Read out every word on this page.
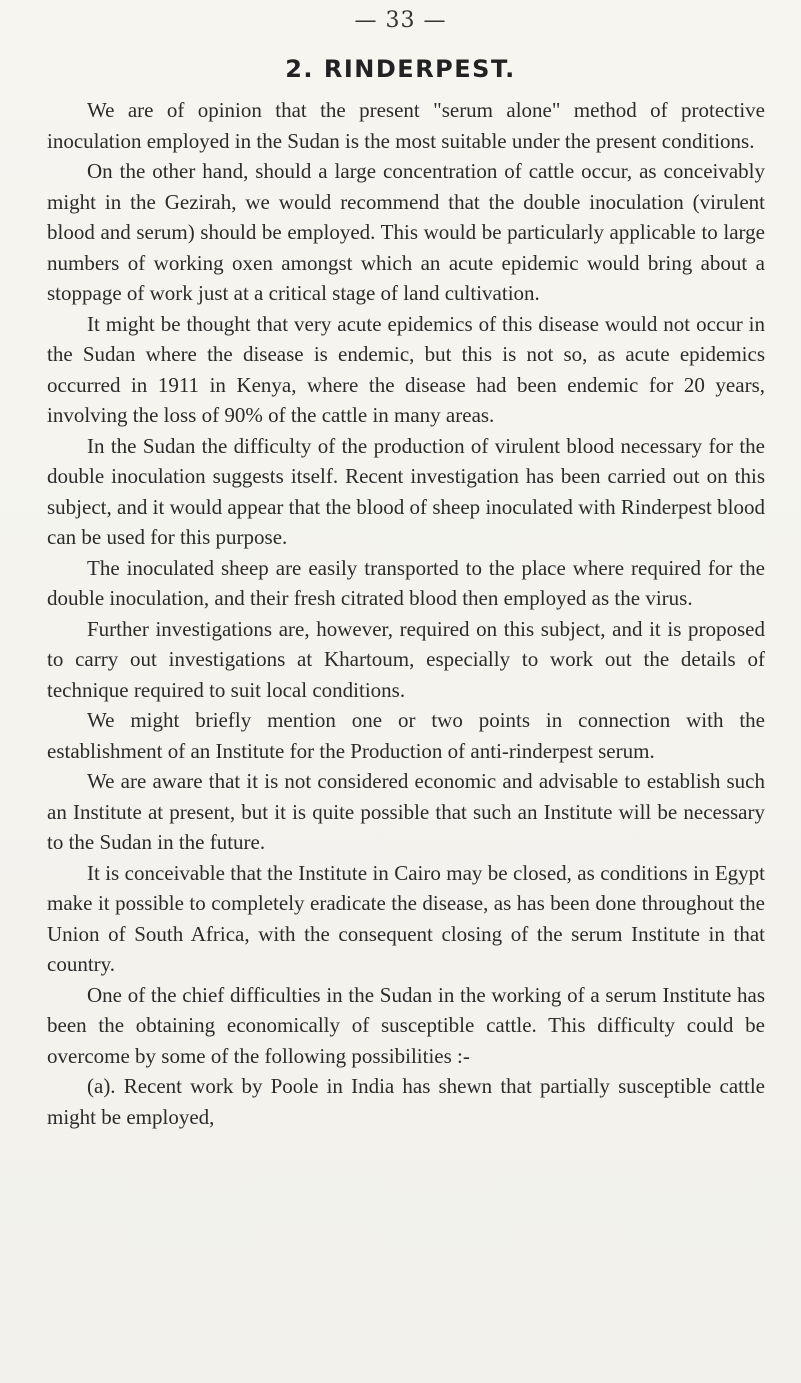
— 33 —
2. RINDERPEST.

We are of opinion that the present "serum alone" method of protective inoculation employed in the Sudan is the most suitable under the present conditions.

On the other hand, should a large concentration of cattle occur, as conceivably might in the Gezirah, we would recommend that the double inoculation (virulent blood and serum) should be employed. This would be particularly applicable to large numbers of working oxen amongst which an acute epidemic would bring about a stoppage of work just at a critical stage of land cultivation.

It might be thought that very acute epidemics of this disease would not occur in the Sudan where the disease is endemic, but this is not so, as acute epidemics occurred in 1911 in Kenya, where the disease had been endemic for 20 years, involving the loss of 90% of the cattle in many areas.

In the Sudan the difficulty of the production of virulent blood necessary for the double inoculation suggests itself. Recent investigation has been carried out on this subject, and it would appear that the blood of sheep inoculated with Rinderpest blood can be used for this purpose.

The inoculated sheep are easily transported to the place where required for the double inoculation, and their fresh citrated blood then employed as the virus.

Further investigations are, however, required on this subject, and it is proposed to carry out investigations at Khartoum, especially to work out the details of technique required to suit local conditions.

We might briefly mention one or two points in connection with the establishment of an Institute for the Production of anti-rinderpest serum.

We are aware that it is not considered economic and advisable to establish such an Institute at present, but it is quite possible that such an Institute will be necessary to the Sudan in the future.

It is conceivable that the Institute in Cairo may be closed, as conditions in Egypt make it possible to completely eradicate the disease, as has been done throughout the Union of South Africa, with the consequent closing of the serum Institute in that country.

One of the chief difficulties in the Sudan in the working of a serum Institute has been the obtaining economically of susceptible cattle. This difficulty could be overcome by some of the following possibilities :-

(a). Recent work by Poole in India has shewn that partially susceptible cattle might be employed,
